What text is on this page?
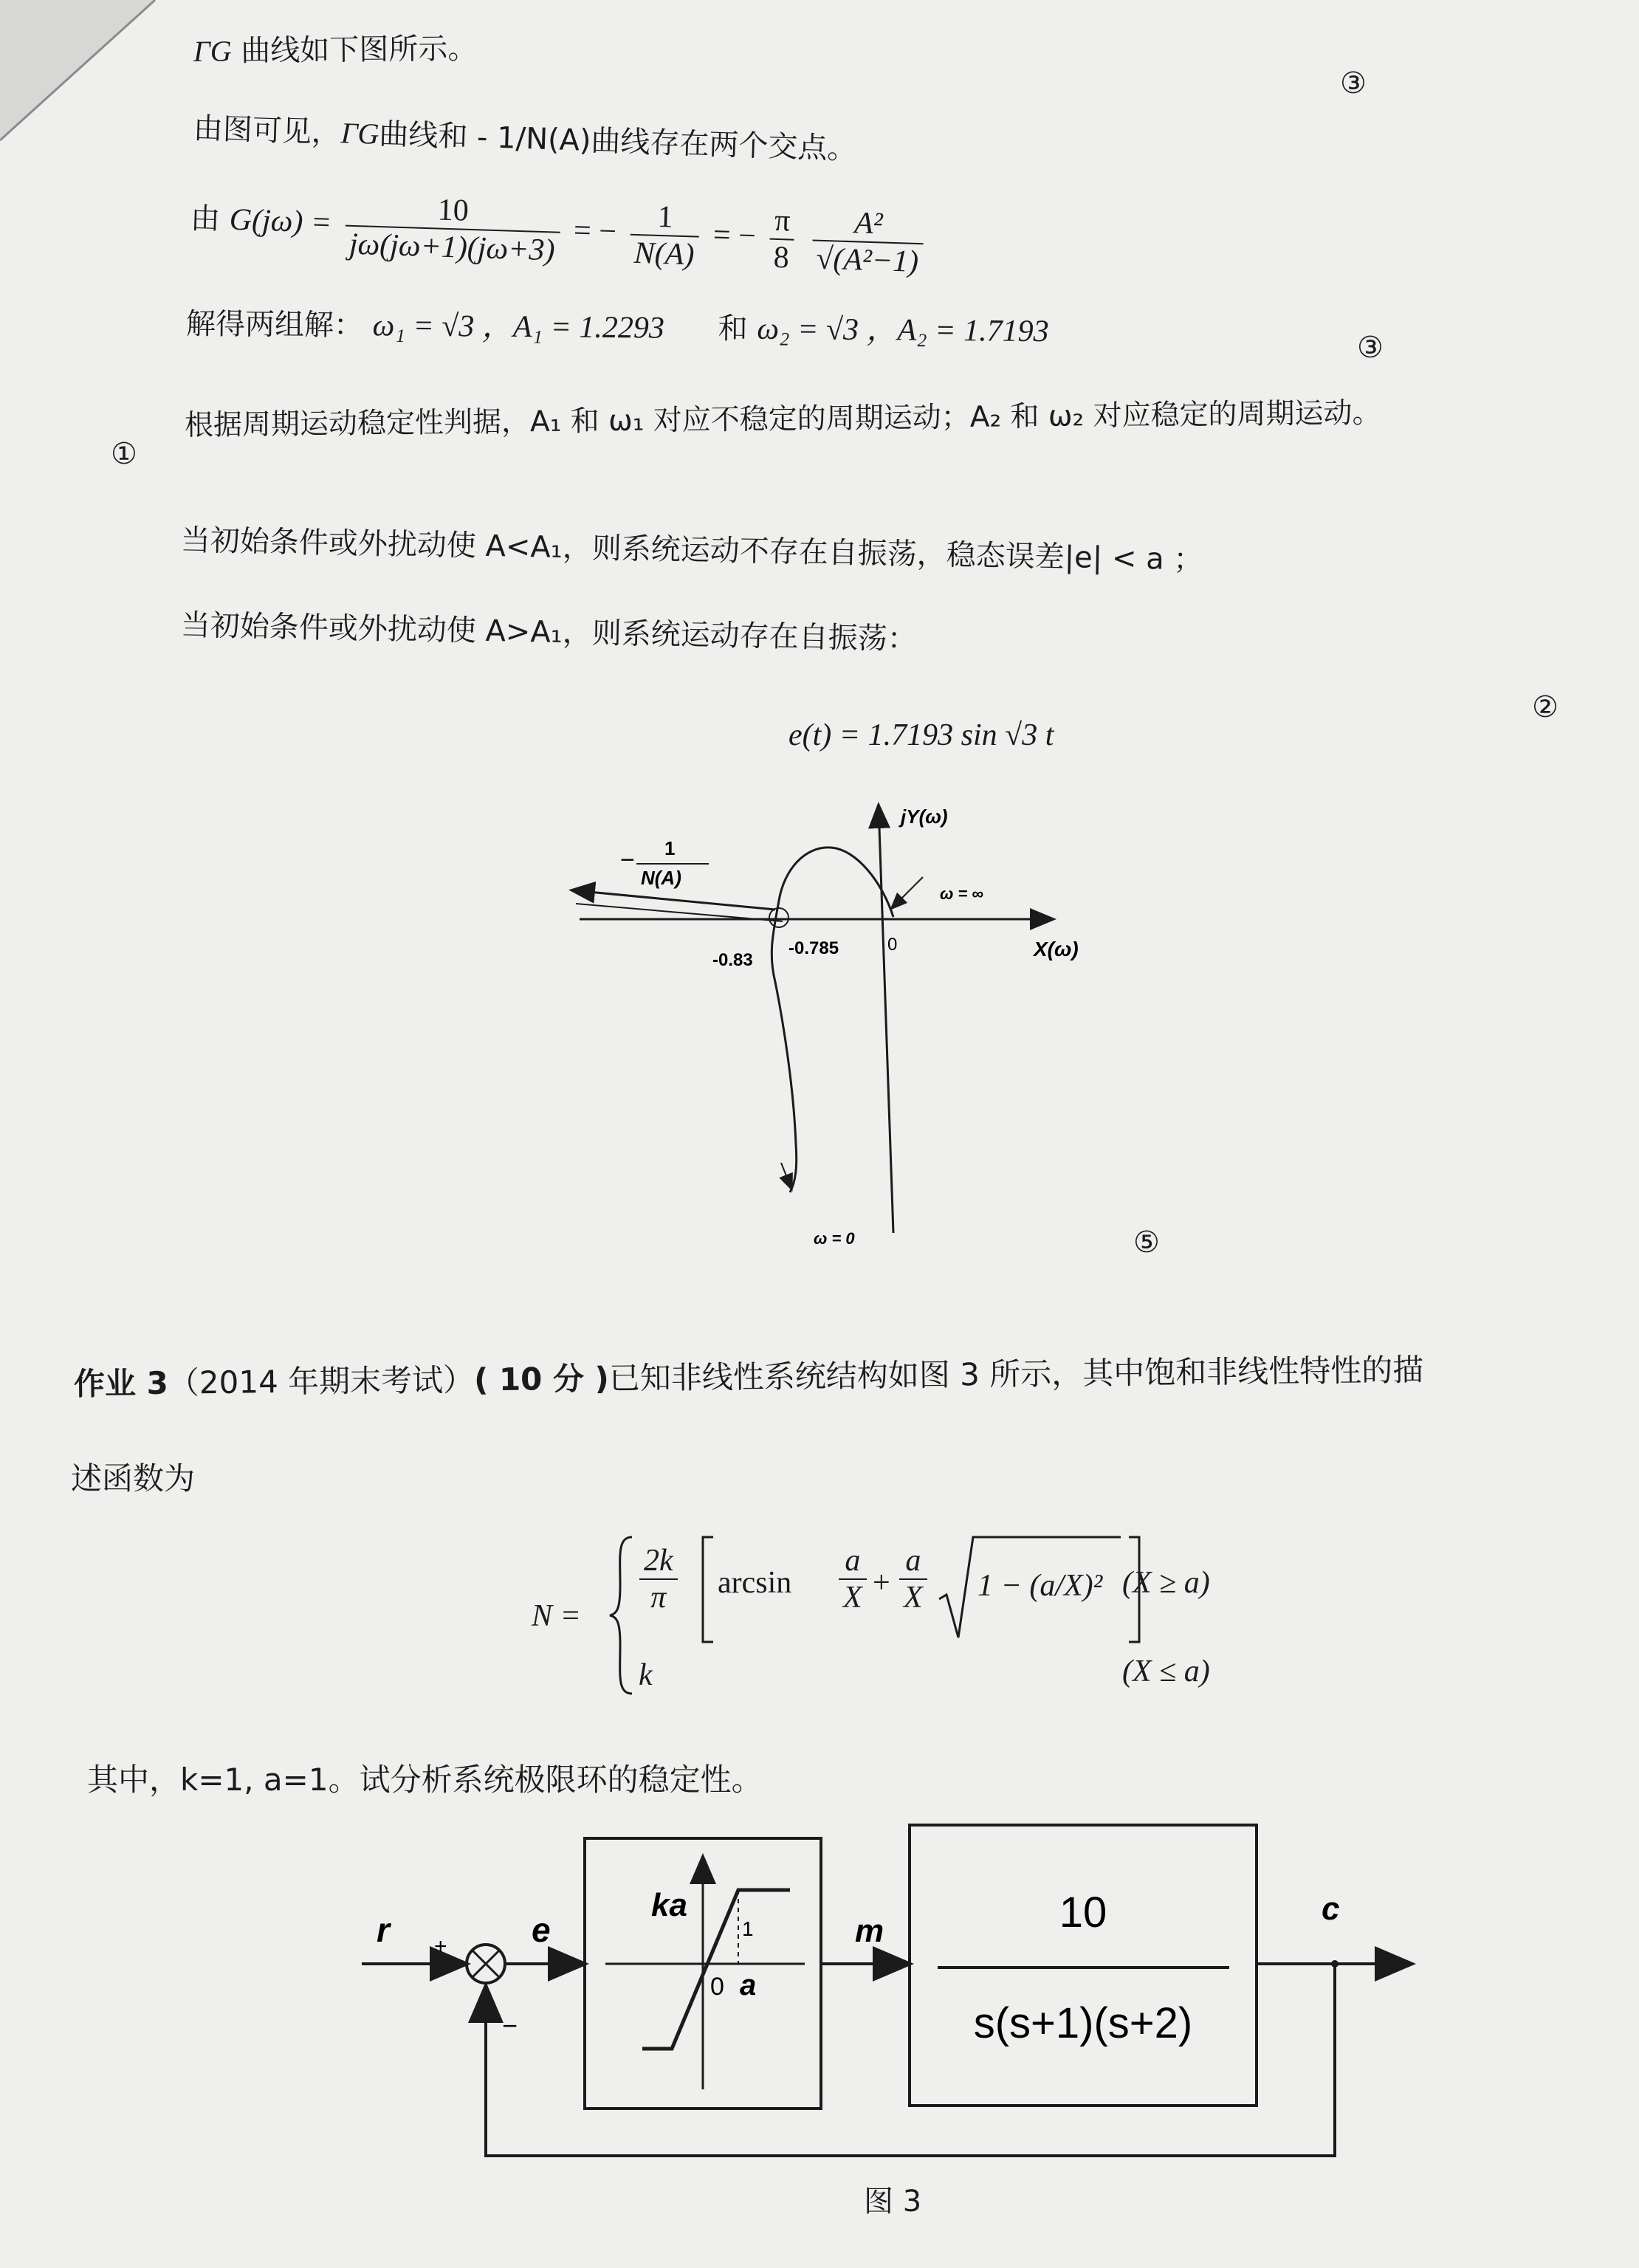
ΓG 曲线如下图所示。
③
由图可见，ΓG曲线和 - 1/N(A)曲线存在两个交点。
由 $G(j\omega) = \frac{10}{j\omega(j\omega+1)(j\omega+3)}$ = − $\frac{1}{N(A)}$ = − $\frac{\pi}{8}$
$\frac{\text{A²}}{\text{√(A²−1)}}$
解得两组解： ω₁ = √3 ，A₁ = 1.2293 和 ω₂ = √3 ，A₂ = 1.7193	③
根据周期运动稳定性判据，A₁ 和 ω₁ 对应不稳定的周期运动；A₂ 和 ω₂ 对应稳定的周期运动。
①
当初始条件或外扰动使 A<A₁，则系统运动不存在自振荡，稳态误差|e| < a ；
当初始条件或外扰动使 A>A₁，则系统运动存在自振荡：
e(t) = 1.7193 sin √3 t
②
jY(ω)
X(ω)
− 1
N(A)
-0.83
-0.785	0
ω = ∞
ω = 0	⑤
作业 3（2014 年期末考试）( 10 分 )已知非线性系统结构如图 3 所示，其中饱和非线性特性的描
述函数为
N =
$\frac{2k}{\pi}$ $\arcsin \frac{a}{X} + \frac{a}{X} 1 - (a/X)^2$
k
(X ≥ a)
(X ≤ a)
其中，k=1, a=1。试分析系统极限环的稳定性。
r +
−
e
ka
1
0 a
m	10
s(s+1)(s+2)
c
图 3
